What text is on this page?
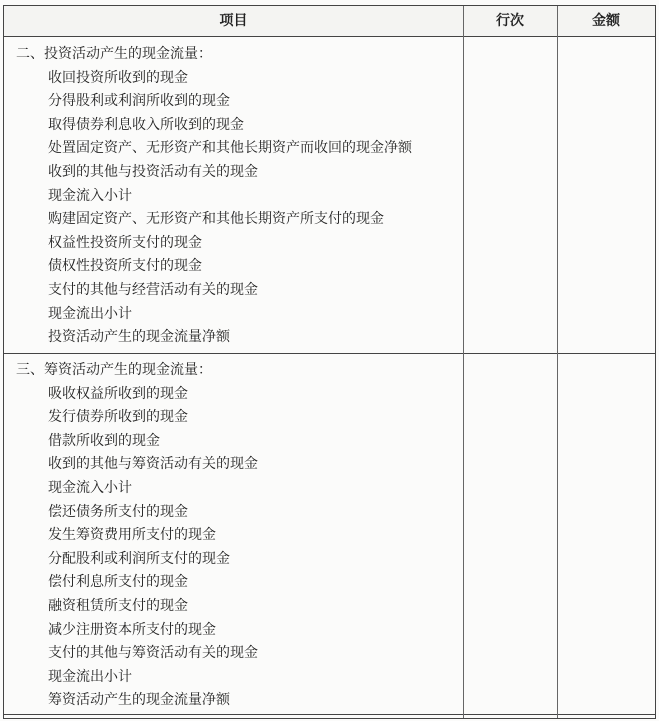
项目	行次	金额
二、投资活动产生的现金流量：
收回投资所收到的现金
分得股利或利润所收到的现金
取得债券利息收入所收到的现金
处置固定资产、无形资产和其他长期资产而收回的现金净额
收到的其他与投资活动有关的现金
现金流入小计
购建固定资产、无形资产和其他长期资产所支付的现金
权益性投资所支付的现金
债权性投资所支付的现金
支付的其他与经营活动有关的现金
现金流出小计
投资活动产生的现金流量净额
三、筹资活动产生的现金流量：
吸收权益所收到的现金
发行债券所收到的现金
借款所收到的现金
收到的其他与筹资活动有关的现金
现金流入小计
偿还债务所支付的现金
发生筹资费用所支付的现金
分配股利或利润所支付的现金
偿付利息所支付的现金
融资租赁所支付的现金
减少注册资本所支付的现金
支付的其他与筹资活动有关的现金
现金流出小计
筹资活动产生的现金流量净额
